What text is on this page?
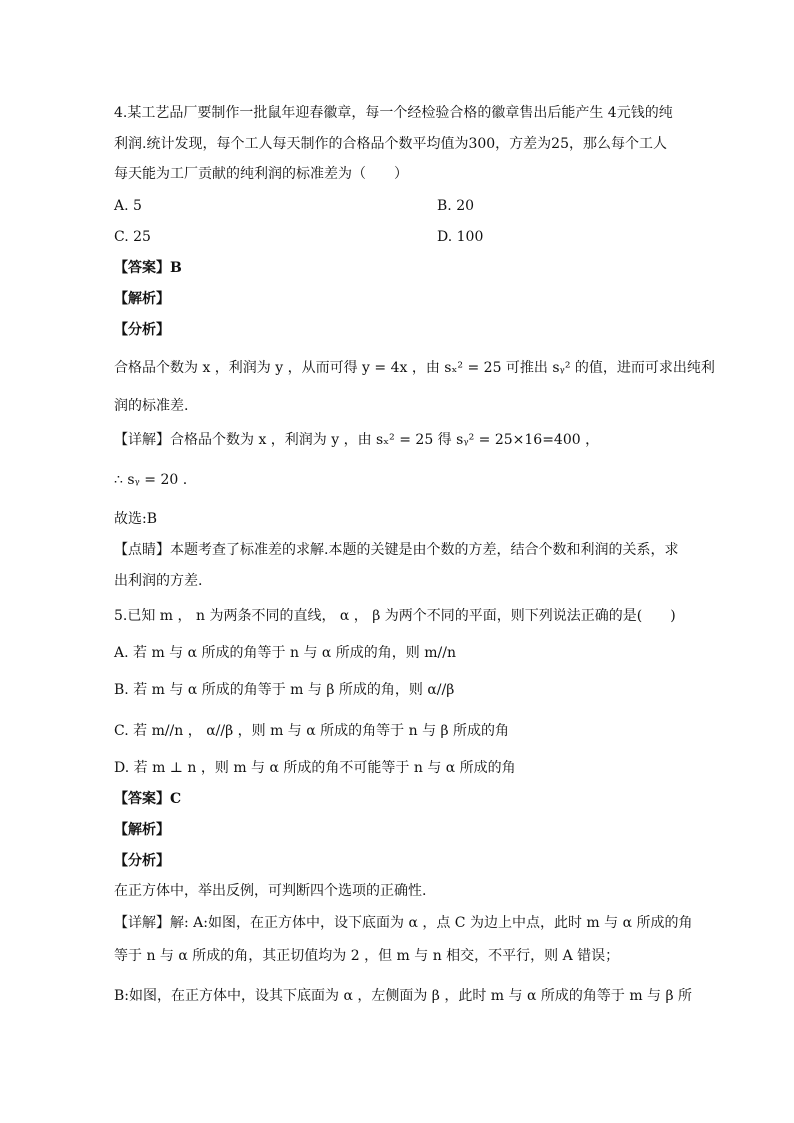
4.某工艺品厂要制作一批鼠年迎春徽章，每一个经检验合格的徽章售出后能产生 4元钱的纯
利润.统计发现，每个工人每天制作的合格品个数平均值为300，方差为25，那么每个工人
每天能为工厂贡献的纯利润的标准差为（　　）
A. 5	B. 20
C. 25	D. 100
【答案】B
【解析】
【分析】
合格品个数为 x ，利润为 y ，从而可得 y = 4x ，由 sₓ² = 25 可推出 sᵧ² 的值，进而可求出纯利
润的标准差.
【详解】合格品个数为 x ，利润为 y ，由 sₓ² = 25 得 sᵧ² = 25×16=400 ，
∴ sᵧ = 20 .
故选:B
【点睛】本题考查了标准差的求解.本题的关键是由个数的方差，结合个数和利润的关系，求
出利润的方差.
5.已知 m ， n 为两条不同的直线， α ， β 为两个不同的平面，则下列说法正确的是(　　)
A. 若 m 与 α 所成的角等于 n 与 α 所成的角，则 m//n
B. 若 m 与 α 所成的角等于 m 与 β 所成的角，则 α//β
C. 若 m//n ， α//β ，则 m 与 α 所成的角等于 n 与 β 所成的角
D. 若 m ⊥ n ，则 m 与 α 所成的角不可能等于 n 与 α 所成的角
【答案】C
【解析】
【分析】
在正方体中，举出反例，可判断四个选项的正确性.
【详解】解: A:如图，在正方体中，设下底面为 α ，点 C 为边上中点，此时 m 与 α 所成的角
等于 n 与 α 所成的角，其正切值均为 2 ，但 m 与 n 相交，不平行，则 A 错误；
B:如图，在正方体中，设其下底面为 α ，左侧面为 β ，此时 m 与 α 所成的角等于 m 与 β 所
